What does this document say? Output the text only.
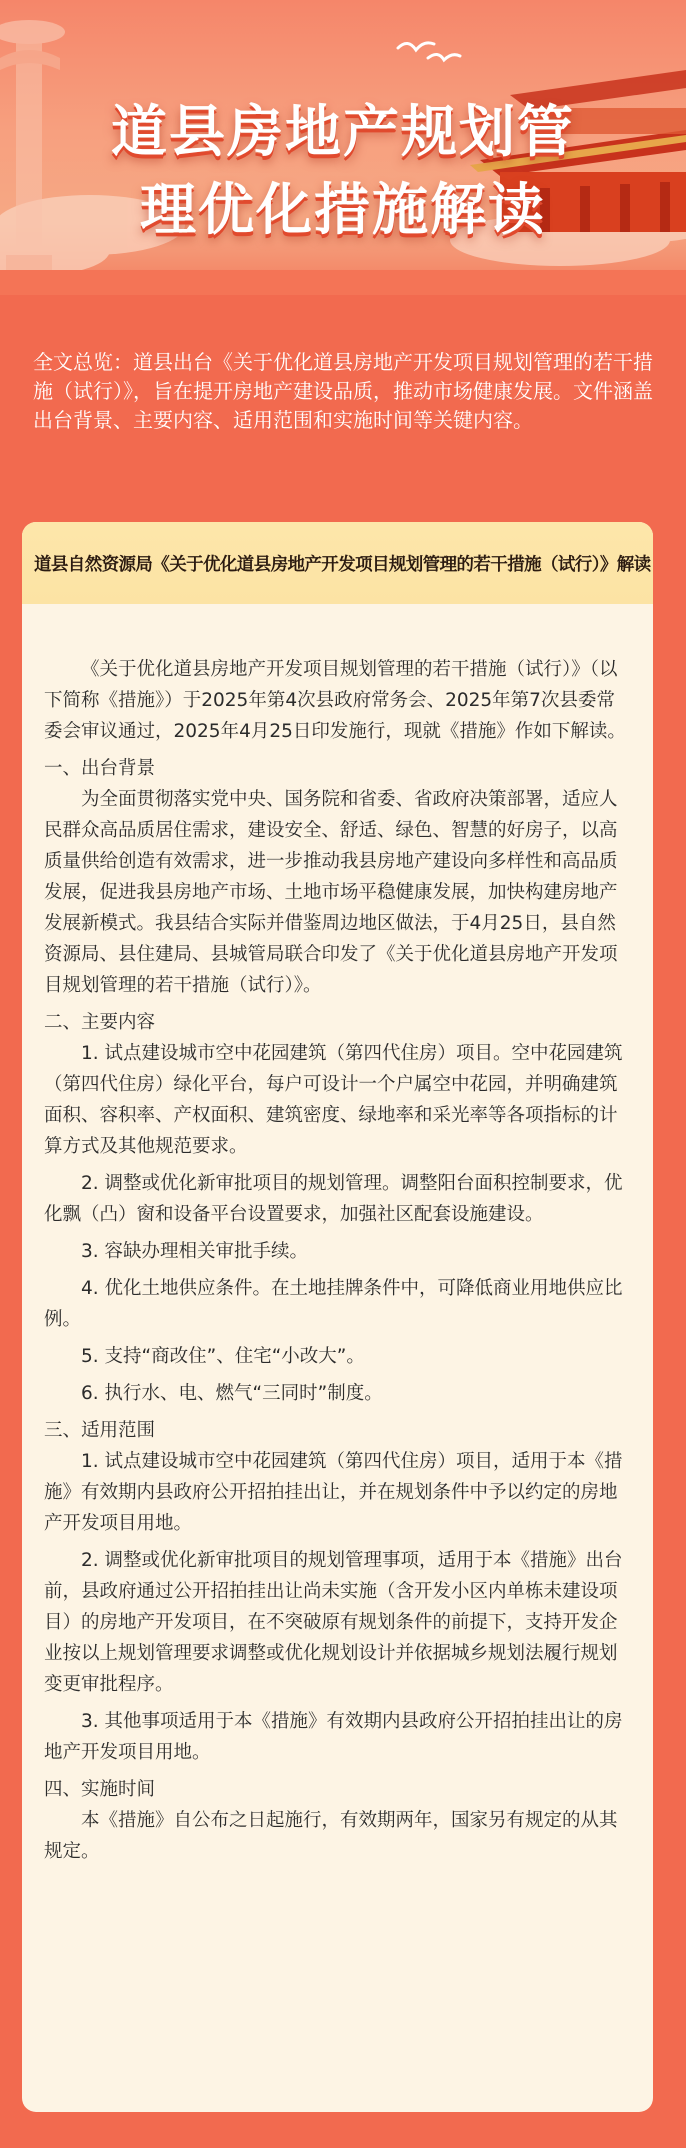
道县房地产规划管
理优化措施解读
全文总览：道县出台《关于优化道县房地产开发项目规划管理的若干措施（试行）》，旨在提开房地产建设品质，推动市场健康发展。文件涵盖出台背景、主要内容、适用范围和实施时间等关键内容。
道县自然资源局《关于优化道县房地产开发项目规划管理的若干措施（试行）》解读

《关于优化道县房地产开发项目规划管理的若干措施（试行）》（以下简称《措施》）于2025年第4次县政府常务会、2025年第7次县委常委会审议通过，2025年4月25日印发施行，现就《措施》作如下解读。

一、出台背景

为全面贯彻落实党中央、国务院和省委、省政府决策部署，适应人民群众高品质居住需求，建设安全、舒适、绿色、智慧的好房子，以高质量供给创造有效需求，进一步推动我县房地产建设向多样性和高品质发展，促进我县房地产市场、土地市场平稳健康发展，加快构建房地产发展新模式。我县结合实际并借鉴周边地区做法，于4月25日，县自然资源局、县住建局、县城管局联合印发了《关于优化道县房地产开发项目规划管理的若干措施（试行）》。

二、主要内容

1. 试点建设城市空中花园建筑（第四代住房）项目。空中花园建筑（第四代住房）绿化平台，每户可设计一个户属空中花园，并明确建筑面积、容积率、产权面积、建筑密度、绿地率和采光率等各项指标的计算方式及其他规范要求。

2. 调整或优化新审批项目的规划管理。调整阳台面积控制要求，优化飘（凸）窗和设备平台设置要求，加强社区配套设施建设。

3. 容缺办理相关审批手续。

4. 优化土地供应条件。在土地挂牌条件中，可降低商业用地供应比例。

5. 支持“商改住”、住宅“小改大”。

6. 执行水、电、燃气“三同时”制度。

三、适用范围

1. 试点建设城市空中花园建筑（第四代住房）项目，适用于本《措施》有效期内县政府公开招拍挂出让，并在规划条件中予以约定的房地产开发项目用地。

2. 调整或优化新审批项目的规划管理事项，适用于本《措施》出台前，县政府通过公开招拍挂出让尚未实施（含开发小区内单栋未建设项目）的房地产开发项目，在不突破原有规划条件的前提下，支持开发企业按以上规划管理要求调整或优化规划设计并依据城乡规划法履行规划变更审批程序。

3. 其他事项适用于本《措施》有效期内县政府公开招拍挂出让的房地产开发项目用地。

四、实施时间

本《措施》自公布之日起施行，有效期两年，国家另有规定的从其规定。
